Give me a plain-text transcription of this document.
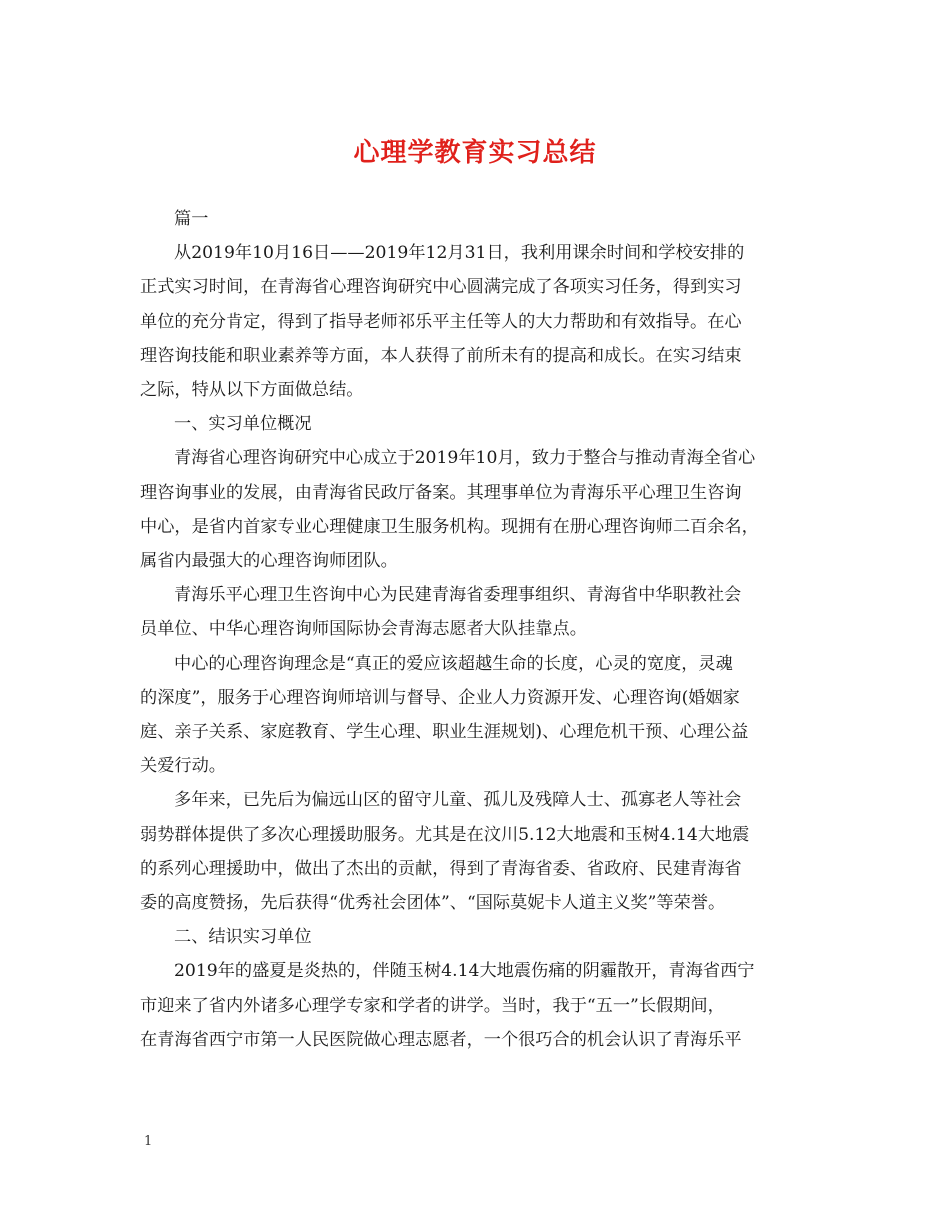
心理学教育实习总结

篇一

从2019年10月16日——2019年12月31日，我利用课余时间和学校安排的
正式实习时间，在青海省心理咨询研究中心圆满完成了各项实习任务，得到实习
单位的充分肯定，得到了指导老师祁乐平主任等人的大力帮助和有效指导。在心
理咨询技能和职业素养等方面，本人获得了前所未有的提高和成长。在实习结束
之际，特从以下方面做总结。

一、实习单位概况

青海省心理咨询研究中心成立于2019年10月，致力于整合与推动青海全省心
理咨询事业的发展，由青海省民政厅备案。其理事单位为青海乐平心理卫生咨询
中心，是省内首家专业心理健康卫生服务机构。现拥有在册心理咨询师二百余名，
属省内最强大的心理咨询师团队。

青海乐平心理卫生咨询中心为民建青海省委理事组织、青海省中华职教社会
员单位、中华心理咨询师国际协会青海志愿者大队挂靠点。

中心的心理咨询理念是“真正的爱应该超越生命的长度，心灵的宽度，灵魂
的深度”，服务于心理咨询师培训与督导、企业人力资源开发、心理咨询(婚姻家
庭、亲子关系、家庭教育、学生心理、职业生涯规划)、心理危机干预、心理公益
关爱行动。

多年来，已先后为偏远山区的留守儿童、孤儿及残障人士、孤寡老人等社会
弱势群体提供了多次心理援助服务。尤其是在汶川5.12大地震和玉树4.14大地震
的系列心理援助中，做出了杰出的贡献，得到了青海省委、省政府、民建青海省
委的高度赞扬，先后获得“优秀社会团体”、“国际莫妮卡人道主义奖”等荣誉。

二、结识实习单位

2019年的盛夏是炎热的，伴随玉树4.14大地震伤痛的阴霾散开，青海省西宁
市迎来了省内外诸多心理学专家和学者的讲学。当时，我于“五一”长假期间，
在青海省西宁市第一人民医院做心理志愿者，一个很巧合的机会认识了青海乐平

1
